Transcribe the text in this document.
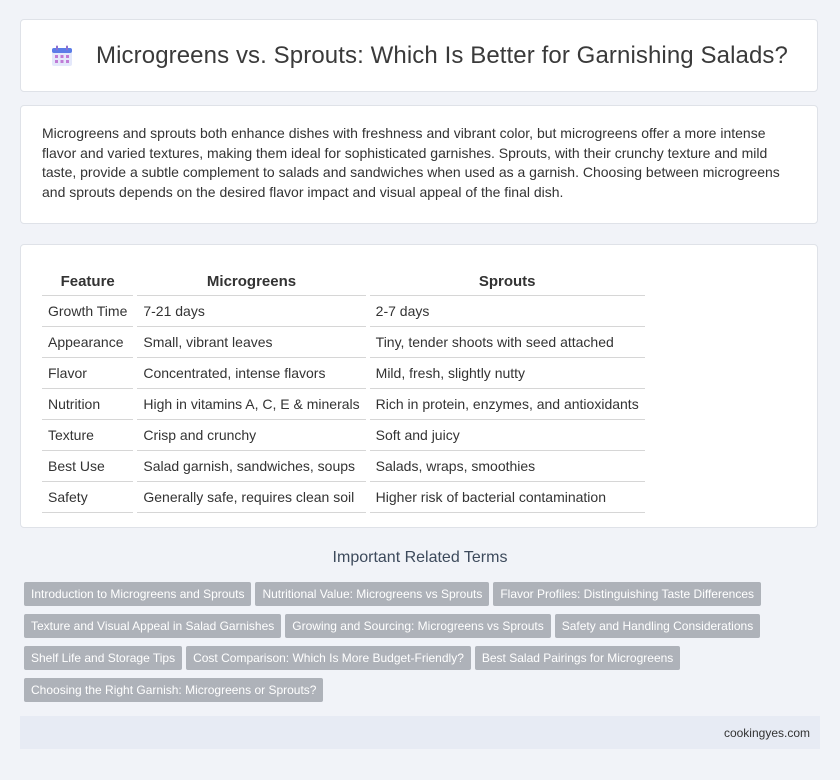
Microgreens vs. Sprouts: Which Is Better for Garnishing Salads?

Microgreens and sprouts both enhance dishes with freshness and vibrant color, but microgreens offer a more intense flavor and varied textures, making them ideal for sophisticated garnishes. Sprouts, with their crunchy texture and mild taste, provide a subtle complement to salads and sandwiches when used as a garnish. Choosing between microgreens and sprouts depends on the desired flavor impact and visual appeal of the final dish.

Feature		Microgreens		Sprouts
Growth Time		7-21 days		2-7 days
Appearance		Small, vibrant leaves		Tiny, tender shoots with seed attached
Flavor		Concentrated, intense flavors		Mild, fresh, slightly nutty
Nutrition		High in vitamins A, C, E & minerals		Rich in protein, enzymes, and antioxidants
Texture		Crisp and crunchy		Soft and juicy
Best Use		Salad garnish, sandwiches, soups		Salads, wraps, smoothies
Safety		Generally safe, requires clean soil		Higher risk of bacterial contamination
Important Related Terms
Introduction to Microgreens and Sprouts Nutritional Value: Microgreens vs Sprouts Flavor Profiles: Distinguishing Taste Differences
Texture and Visual Appeal in Salad Garnishes Growing and Sourcing: Microgreens vs Sprouts Safety and Handling Considerations
Shelf Life and Storage Tips Cost Comparison: Which Is More Budget-Friendly? Best Salad Pairings for Microgreens
Choosing the Right Garnish: Microgreens or Sprouts?
cookingyes.com
